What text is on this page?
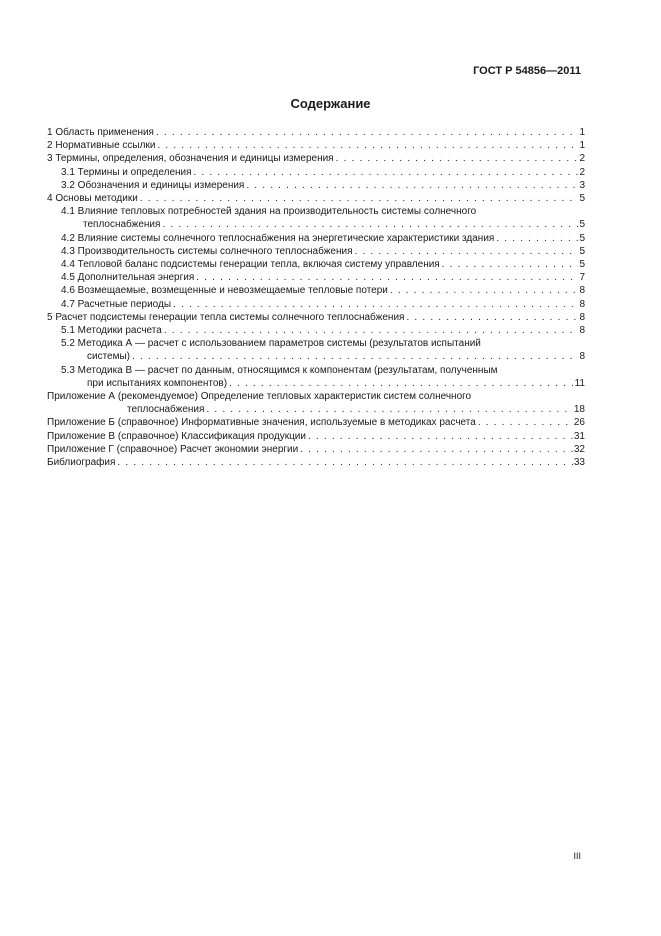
ГОСТ Р 54856—2011
Содержание
1 Область применения . . .	1
2 Нормативные ссылки . . .	1
3 Термины, определения, обозначения и единицы измерения . . .	2
3.1 Термины и определения . . .	2
3.2 Обозначения и единицы измерения . . .	3
4 Основы методики . . .	5
4.1 Влияние тепловых потребностей здания на производительность системы солнечного
теплоснабжения . . .	5
4.2 Влияние системы солнечного теплоснабжения на энергетические характеристики здания . . .	5
4.3 Производительность системы солнечного теплоснабжения . . .	5
4.4 Тепловой баланс подсистемы генерации тепла, включая систему управления . . .	5
4.5 Дополнительная энергия . . .	7
4.6 Возмещаемые, возмещенные и невозмещаемые тепловые потери . . .	8
4.7 Расчетные периоды . . .	8
5 Расчет подсистемы генерации тепла системы солнечного теплоснабжения . . .	8
5.1 Методики расчета . . .	8
5.2 Методика А — расчет с использованием параметров системы (результатов испытаний
системы) . . .	8
5.3 Методика В — расчет по данным, относящимся к компонентам (результатам, полученным
при испытаниях компонентов) . . .	11
Приложение А (рекомендуемое) Определение тепловых характеристик систем солнечного
теплоснабжения . . .	18
Приложение Б (справочное) Информативные значения, используемые в методиках расчета . . .	26
Приложение В (справочное) Классификация продукции . . .	31
Приложение Г (справочное) Расчет экономии энергии . . .	32
Библиография . . .	33
III
